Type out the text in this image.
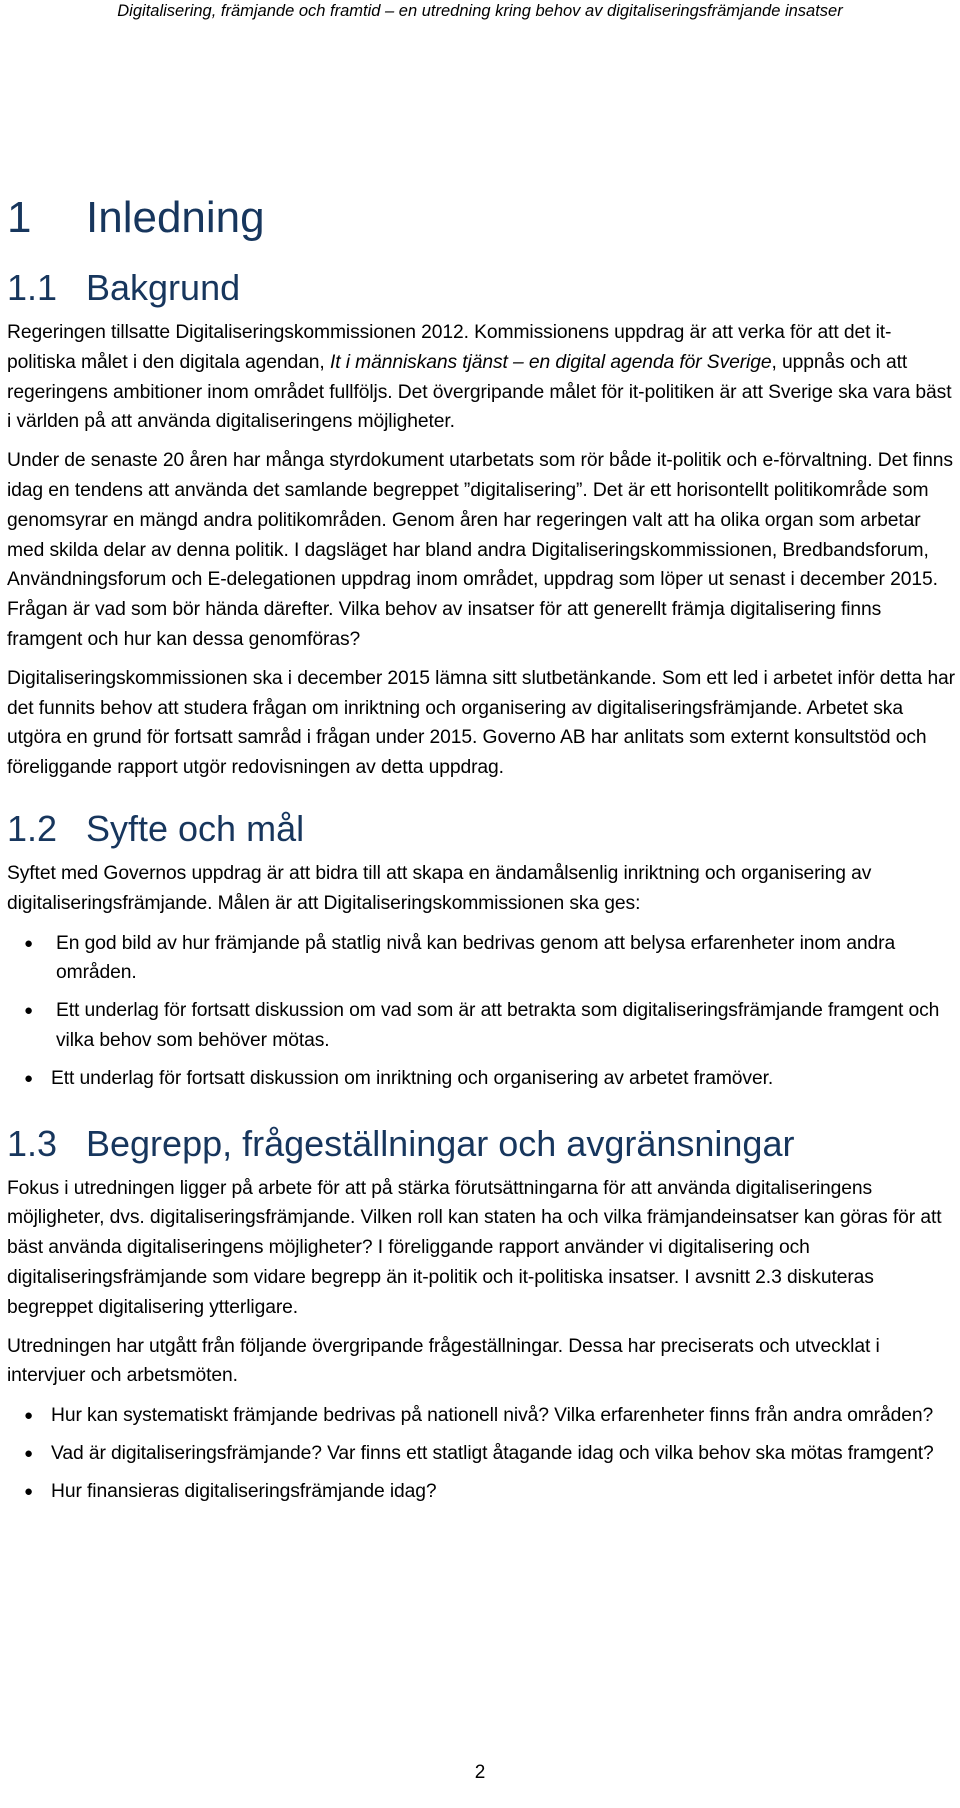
Digitalisering, främjande och framtid – en utredning kring behov av digitaliseringsfrämjande insatser
1	Inledning
1.1 Bakgrund

Regeringen tillsatte Digitaliseringskommissionen 2012. Kommissionens uppdrag är att verka för att det it-politiska målet i den digitala agendan, It i människans tjänst – en digital agenda för Sverige, uppnås och att regeringens ambitioner inom området fullföljs. Det övergripande målet för it-politiken är att Sverige ska vara bäst i världen på att använda digitaliseringens möjligheter.

Under de senaste 20 åren har många styrdokument utarbetats som rör både it-politik och e-förvaltning. Det finns idag en tendens att använda det samlande begreppet ”digitalisering”. Det är ett horisontellt politikområde som genomsyrar en mängd andra politikområden. Genom åren har regeringen valt att ha olika organ som arbetar med skilda delar av denna politik. I dagsläget har bland andra Digitaliseringskommissionen, Bredbandsforum, Användningsforum och E-delegationen uppdrag inom området, uppdrag som löper ut senast i december 2015. Frågan är vad som bör hända därefter. Vilka behov av insatser för att generellt främja digitalisering finns framgent och hur kan dessa genomföras?

Digitaliseringskommissionen ska i december 2015 lämna sitt slutbetänkande. Som ett led i arbetet inför detta har det funnits behov att studera frågan om inriktning och organisering av digitaliseringsfrämjande. Arbetet ska utgöra en grund för fortsatt samråd i frågan under 2015. Governo AB har anlitats som externt konsultstöd och föreliggande rapport utgör redovisningen av detta uppdrag.

1.2 Syfte och mål

Syftet med Governos uppdrag är att bidra till att skapa en ändamålsenlig inriktning och organisering av digitaliseringsfrämjande. Målen är att Digitaliseringskommissionen ska ges:

● En god bild av hur främjande på statlig nivå kan bedrivas genom att belysa erfarenheter inom andra områden.
● Ett underlag för fortsatt diskussion om vad som är att betrakta som digitaliseringsfrämjande framgent och vilka behov som behöver mötas.
● Ett underlag för fortsatt diskussion om inriktning och organisering av arbetet framöver.
1.3 Begrepp, frågeställningar och avgränsningar

Fokus i utredningen ligger på arbete för att på stärka förutsättningarna för att använda digitaliseringens möjligheter, dvs. digitaliseringsfrämjande. Vilken roll kan staten ha och vilka främjandeinsatser kan göras för att bäst använda digitaliseringens möjligheter? I föreliggande rapport använder vi digitalisering och digitaliseringsfrämjande som vidare begrepp än it-politik och it-politiska insatser. I avsnitt 2.3 diskuteras begreppet digitalisering ytterligare.

Utredningen har utgått från följande övergripande frågeställningar. Dessa har preciserats och utvecklat i intervjuer och arbetsmöten.

● Hur kan systematiskt främjande bedrivas på nationell nivå? Vilka erfarenheter finns från andra områden?
● Vad är digitaliseringsfrämjande? Var finns ett statligt åtagande idag och vilka behov ska mötas framgent?
● Hur finansieras digitaliseringsfrämjande idag?
2
